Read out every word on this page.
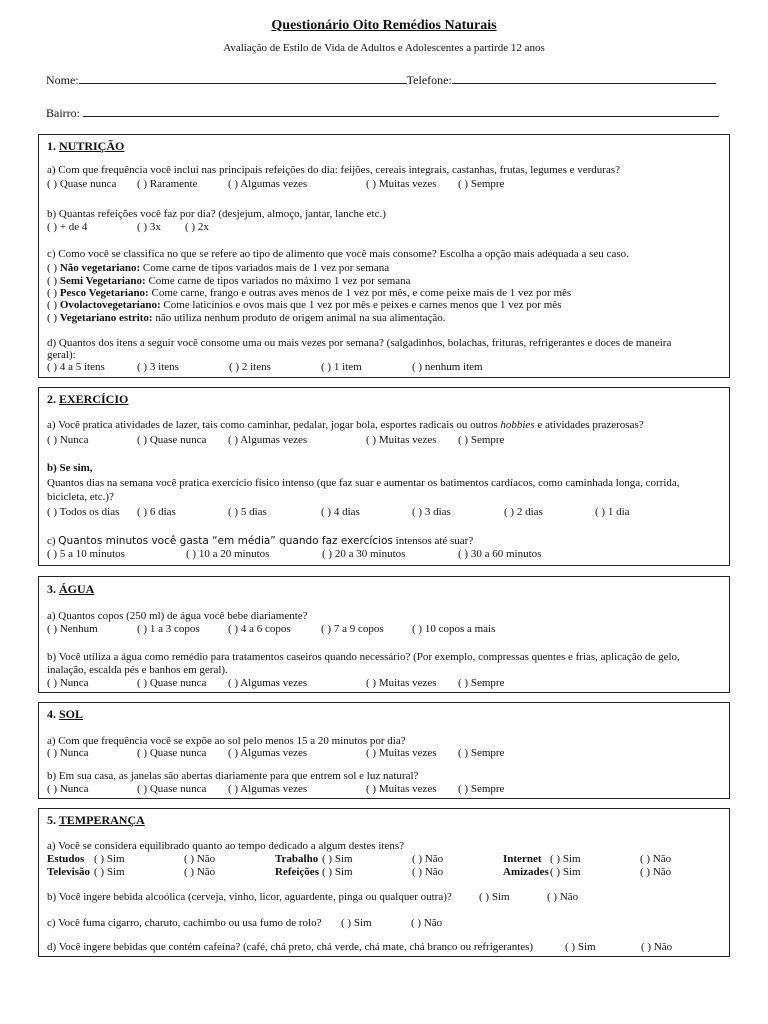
Questionário Oito Remédios Naturais
Avaliação de Estilo de Vida de Adultos e Adolescentes a partirde 12 anos
Nome:	Telefone:
Bairro:
1. NUTRIÇÃO
a) Com que frequência você inclui nas principais refeições do dia: feijões, cereais integrais, castanhas, frutas, legumes e verduras?
( ) Quase nunca ( ) Raramente	( ) Algumas vezes	( ) Muitas vezes ( ) Sempre
b) Quantas refeições você faz por dia? (desjejum, almoço, jantar, lanche etc.)
( ) + de 4	( ) 3x ( ) 2x
c) Como você se classifica no que se refere ao tipo de alimento que você mais consome? Escolha a opção mais adequada a seu caso.
( ) Não vegetariano: Come carne de tipos variados mais de 1 vez por semana
( ) Semi Vegetariano: Come carne de tipos variados no máximo 1 vez por semana
( ) Pesco Vegetariano: Come carne, frango e outras aves menos de 1 vez por mês, e come peixe mais de 1 vez por mês
( ) Ovolactovegetariano: Come laticínios e ovos mais que 1 vez por mês e peixes e carnes menos que 1 vez por mês
( ) Vegetariano estrito: não utiliza nenhum produto de origem animal na sua alimentação.
d) Quantos dos itens a seguir você consome uma ou mais vezes por semana? (salgadinhos, bolachas, frituras, refrigerantes e doces de maneira
geral):
( ) 4 a 5 itens	( ) 3 itens	( ) 2 itens	( ) 1 item	( ) nenhum item
2. EXERCÍCIO
a) Você pratica atividades de lazer, tais como caminhar, pedalar, jogar bola, esportes radicais ou outros hobbies e atividades prazerosas?
( ) Nunca	( ) Quase nunca ( ) Algumas vezes	( ) Muitas vezes ( ) Sempre
b) Se sim,
Quantos dias na semana você pratica exercício físico intenso (que faz suar e aumentar os batimentos cardíacos, como caminhada longa, corrida,
bicicleta, etc.)?
( ) Todos os dias ( ) 6 dias	( ) 5 dias	( ) 4 dias	( ) 3 dias	( ) 2 dias	( ) 1 dia
c) Quantos minutos você gasta “em média” quando faz exercícios intensos até suar?
( ) 5 a 10 minutos	( ) 10 a 20 minutos	( ) 20 a 30 minutos	( ) 30 a 60 minutos
3. ÁGUA
a) Quantos copos (250 ml) de água você bebe diariamente?
( ) Nenhum	( ) 1 a 3 copos	( ) 4 a 6 copos	( ) 7 a 9 copos	( ) 10 copos a mais
b) Você utiliza a água como remédio para tratamentos caseiros quando necessário? (Por exemplo, compressas quentes e frias, aplicação de gelo,
inalação, escalda pés e banhos em geral).
( ) Nunca	( ) Quase nunca ( ) Algumas vezes	( ) Muitas vezes ( ) Sempre
4. SOL
a) Com que frequência você se expõe ao sol pelo menos 15 a 20 minutos por dia?
( ) Nunca	( ) Quase nunca ( ) Algumas vezes	( ) Muitas vezes ( ) Sempre
b) Em sua casa, as janelas são abertas diariamente para que entrem sol e luz natural?
( ) Nunca	( ) Quase nunca ( ) Algumas vezes	( ) Muitas vezes ( ) Sempre
5. TEMPERANÇA
a) Você se considera equilibrado quanto ao tempo dedicado a algum destes itens?
Estudos ( ) Sim	( ) Não	Trabalho ( ) Sim	( ) Não	Internet ( ) Sim	( ) Não
Televisão ( ) Sim	( ) Não	Refeições ( ) Sim	( ) Não	Amizades ( ) Sim	( ) Não
b) Você ingere bebida alcoólica (cerveja, vinho, licor, aguardente, pinga ou qualquer outra)? ( ) Sim	( ) Não
c) Você fuma cigarro, charuto, cachimbo ou usa fumo de rolo? ( ) Sim	( ) Não
d) Você ingere bebidas que contém cafeína? (café, chá preto, chá verde, chá mate, chá branco ou refrigerantes)	( ) Sim	( ) Não
